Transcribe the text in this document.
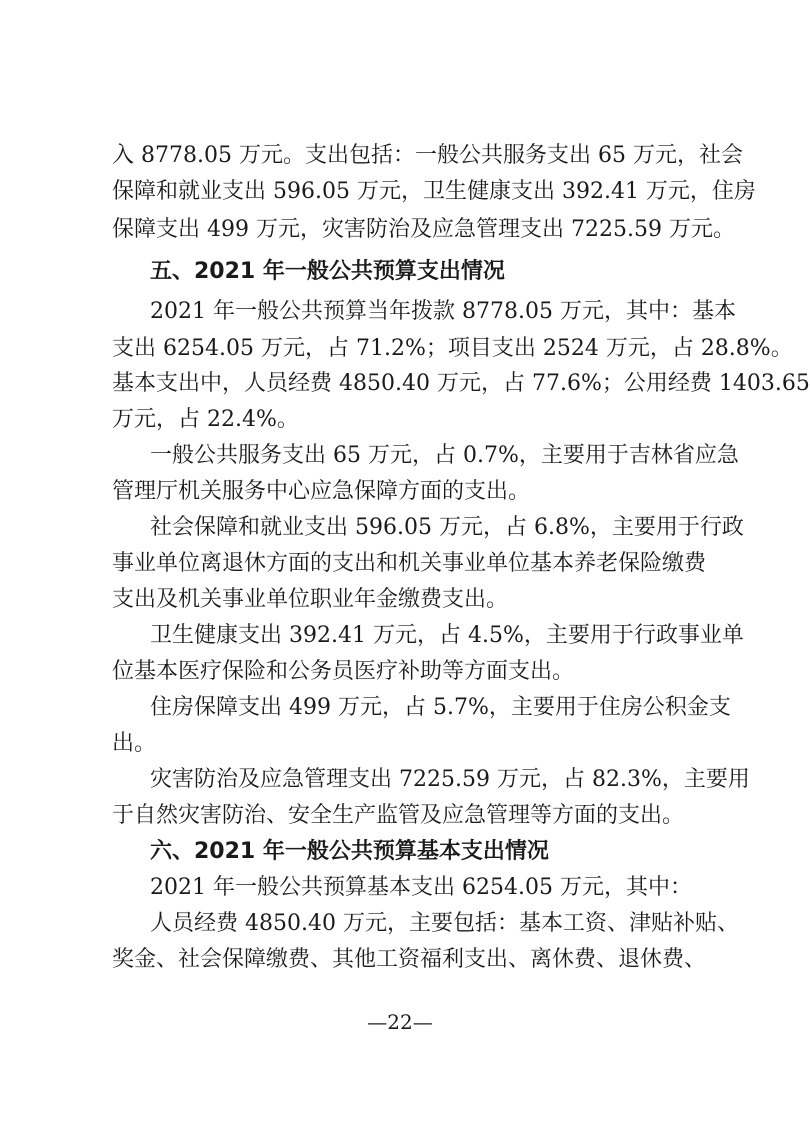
入 8778.05 万元。支出包括：一般公共服务支出 65 万元，社会
保障和就业支出 596.05 万元，卫生健康支出 392.41 万元，住房
保障支出 499 万元，灾害防治及应急管理支出 7225.59 万元。
五、2021 年一般公共预算支出情况
2021 年一般公共预算当年拨款 8778.05 万元，其中：基本
支出 6254.05 万元，占 71.2%；项目支出 2524 万元，占 28.8%。
基本支出中，人员经费 4850.40 万元，占 77.6%；公用经费 1403.65
万元，占 22.4%。
一般公共服务支出 65 万元，占 0.7%，主要用于吉林省应急
管理厅机关服务中心应急保障方面的支出。
社会保障和就业支出 596.05 万元，占 6.8%，主要用于行政
事业单位离退休方面的支出和机关事业单位基本养老保险缴费
支出及机关事业单位职业年金缴费支出。
卫生健康支出 392.41 万元，占 4.5%，主要用于行政事业单
位基本医疗保险和公务员医疗补助等方面支出。
住房保障支出 499 万元，占 5.7%，主要用于住房公积金支
出。
灾害防治及应急管理支出 7225.59 万元，占 82.3%，主要用
于自然灾害防治、安全生产监管及应急管理等方面的支出。
六、2021 年一般公共预算基本支出情况
2021 年一般公共预算基本支出 6254.05 万元，其中：
人员经费 4850.40 万元，主要包括：基本工资、津贴补贴、
奖金、社会保障缴费、其他工资福利支出、离休费、退休费、
—22—
